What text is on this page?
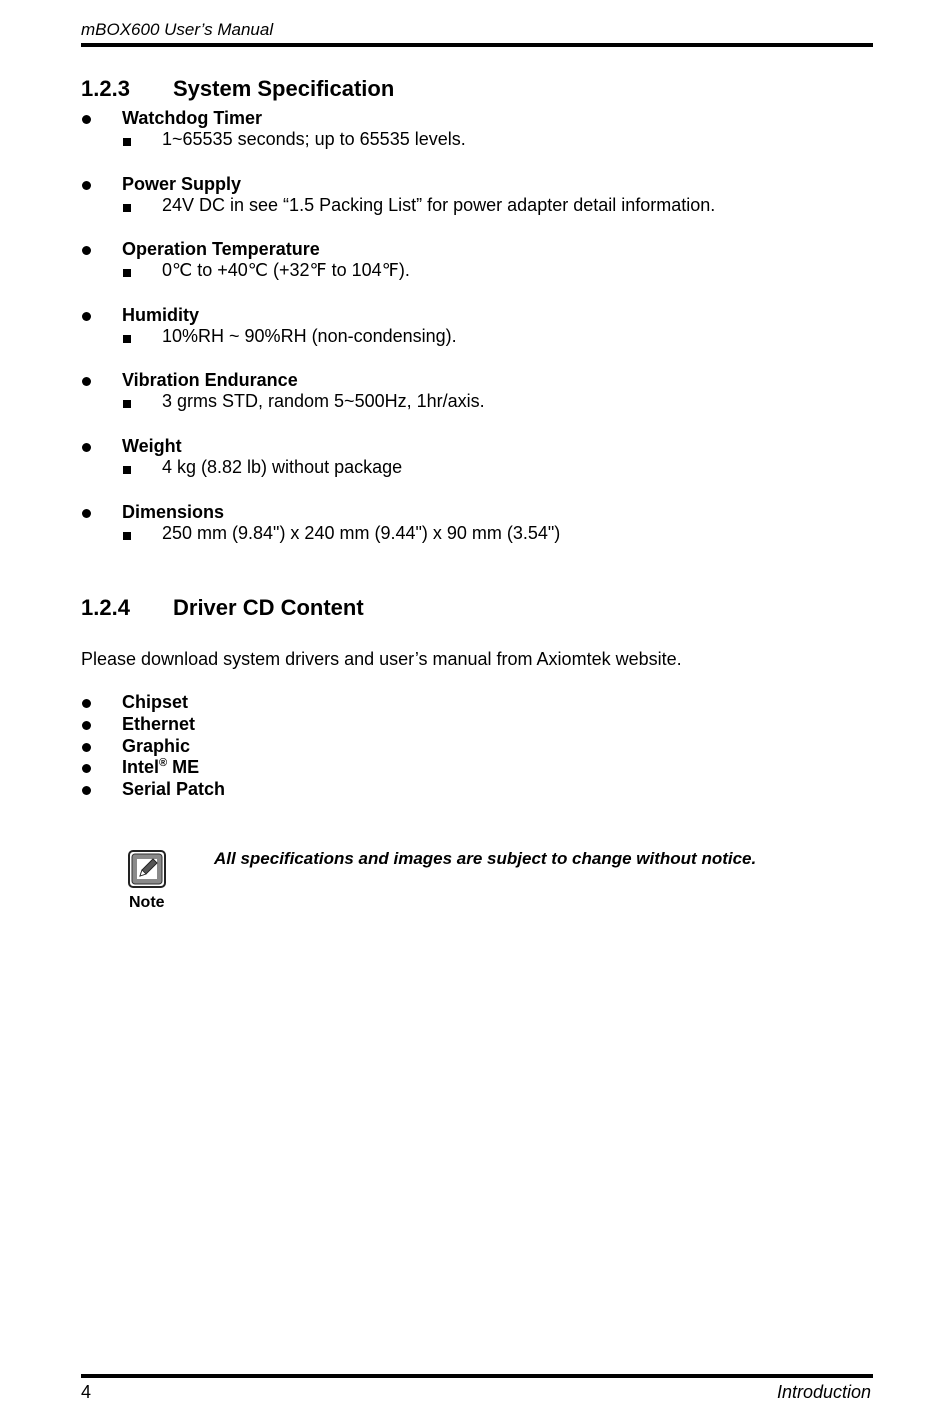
mBOX600 User’s Manual
1.2.3 System Specification
Watchdog Timer
1~65535 seconds; up to 65535 levels.
Power Supply
24V DC in see “1.5 Packing List” for power adapter detail information.
Operation Temperature
0℃ to +40℃ (+32℉ to 104℉).
Humidity
10%RH ~ 90%RH (non-condensing).
Vibration Endurance
3 grms STD, random 5~500Hz, 1hr/axis.
Weight
4 kg (8.82 lb) without package
Dimensions
250 mm (9.84") x 240 mm (9.44") x 90 mm (3.54")
1.2.4 Driver CD Content
Please download system drivers and user’s manual from Axiomtek website.
Chipset
Ethernet
Graphic
Intel® ME
Serial Patch
Note
All specifications and images are subject to change without notice.
4	Introduction
